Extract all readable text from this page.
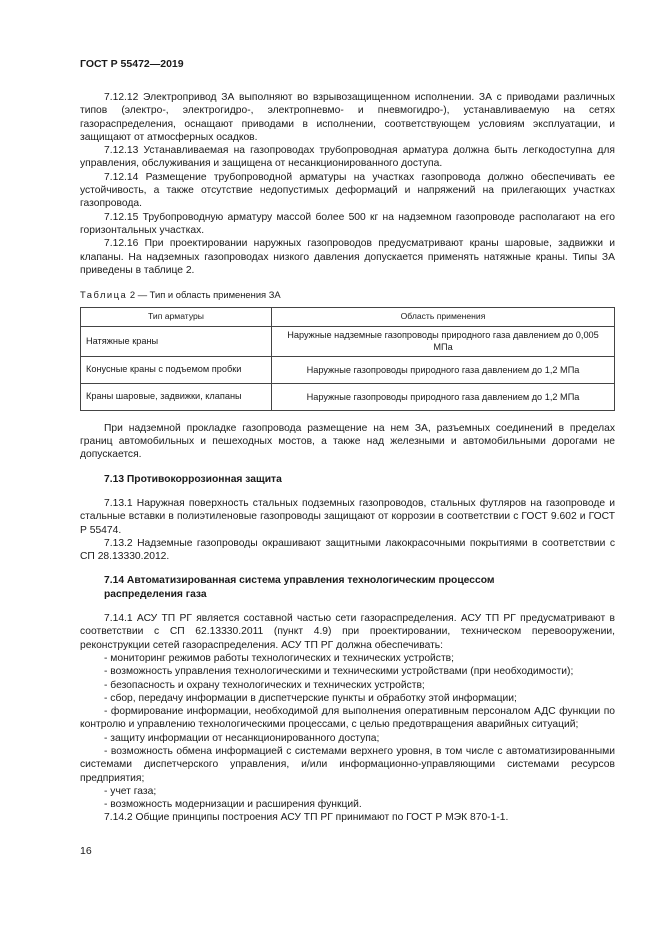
ГОСТ Р 55472—2019

7.12.12 Электропривод ЗА выполняют во взрывозащищенном исполнении. ЗА с приводами различных типов (электро-, электрогидро-, электропневмо- и пневмогидро-), устанавливаемую на сетях газораспределения, оснащают приводами в исполнении, соответствующем условиям эксплуатации, и защищают от атмосферных осадков.

7.12.13 Устанавливаемая на газопроводах трубопроводная арматура должна быть легкодоступна для управления, обслуживания и защищена от несанкционированного доступа.

7.12.14 Размещение трубопроводной арматуры на участках газопровода должно обеспечивать ее устойчивость, а также отсутствие недопустимых деформаций и напряжений на прилегающих участках газопровода.

7.12.15 Трубопроводную арматуру массой более 500 кг на надземном газопроводе располагают на его горизонтальных участках.

7.12.16 При проектировании наружных газопроводов предусматривают краны шаровые, задвижки и клапаны. На надземных газопроводах низкого давления допускается применять натяжные краны. Типы ЗА приведены в таблице 2.

Таблица 2 — Тип и область применения ЗА

Тип арматуры	Область применения
Натяжные краны	Наружные надземные газопроводы природного газа давлением до 0,005 МПа
Конусные краны с подъемом пробки	Наружные газопроводы природного газа давлением до 1,2 МПа
Краны шаровые, задвижки, клапаны	Наружные газопроводы природного газа давлением до 1,2 МПа

При надземной прокладке газопровода размещение на нем ЗА, разъемных соединений в пределах границ автомобильных и пешеходных мостов, а также над железными и автомобильными дорогами не допускается.

7.13 Противокоррозионная защита

7.13.1 Наружная поверхность стальных подземных газопроводов, стальных футляров на газопроводе и стальные вставки в полиэтиленовые газопроводы защищают от коррозии в соответствии с ГОСТ 9.602 и ГОСТ Р 55474.

7.13.2 Надземные газопроводы окрашивают защитными лакокрасочными покрытиями в соответствии с СП 28.13330.2012.

7.14 Автоматизированная система управления технологическим процессом

распределения газа

7.14.1 АСУ ТП РГ является составной частью сети газораспределения. АСУ ТП РГ предусматривают в соответствии с СП 62.13330.2011 (пункт 4.9) при проектировании, техническом перевооружении, реконструкции сетей газораспределения. АСУ ТП РГ должна обеспечивать:

- мониторинг режимов работы технологических и технических устройств;

- возможность управления технологическими и техническими устройствами (при необходимости);

- безопасность и охрану технологических и технических устройств;

- сбор, передачу информации в диспетчерские пункты и обработку этой информации;

- формирование информации, необходимой для выполнения оперативным персоналом АДС функции по контролю и управлению технологическими процессами, с целью предотвращения аварийных ситуаций;

- защиту информации от несанкционированного доступа;

- возможность обмена информацией с системами верхнего уровня, в том числе с автоматизированными системами диспетчерского управления, и/или информационно-управляющими системами ресурсов предприятия;

- учет газа;

- возможность модернизации и расширения функций.

7.14.2 Общие принципы построения АСУ ТП РГ принимают по ГОСТ Р МЭК 870-1-1.

16
